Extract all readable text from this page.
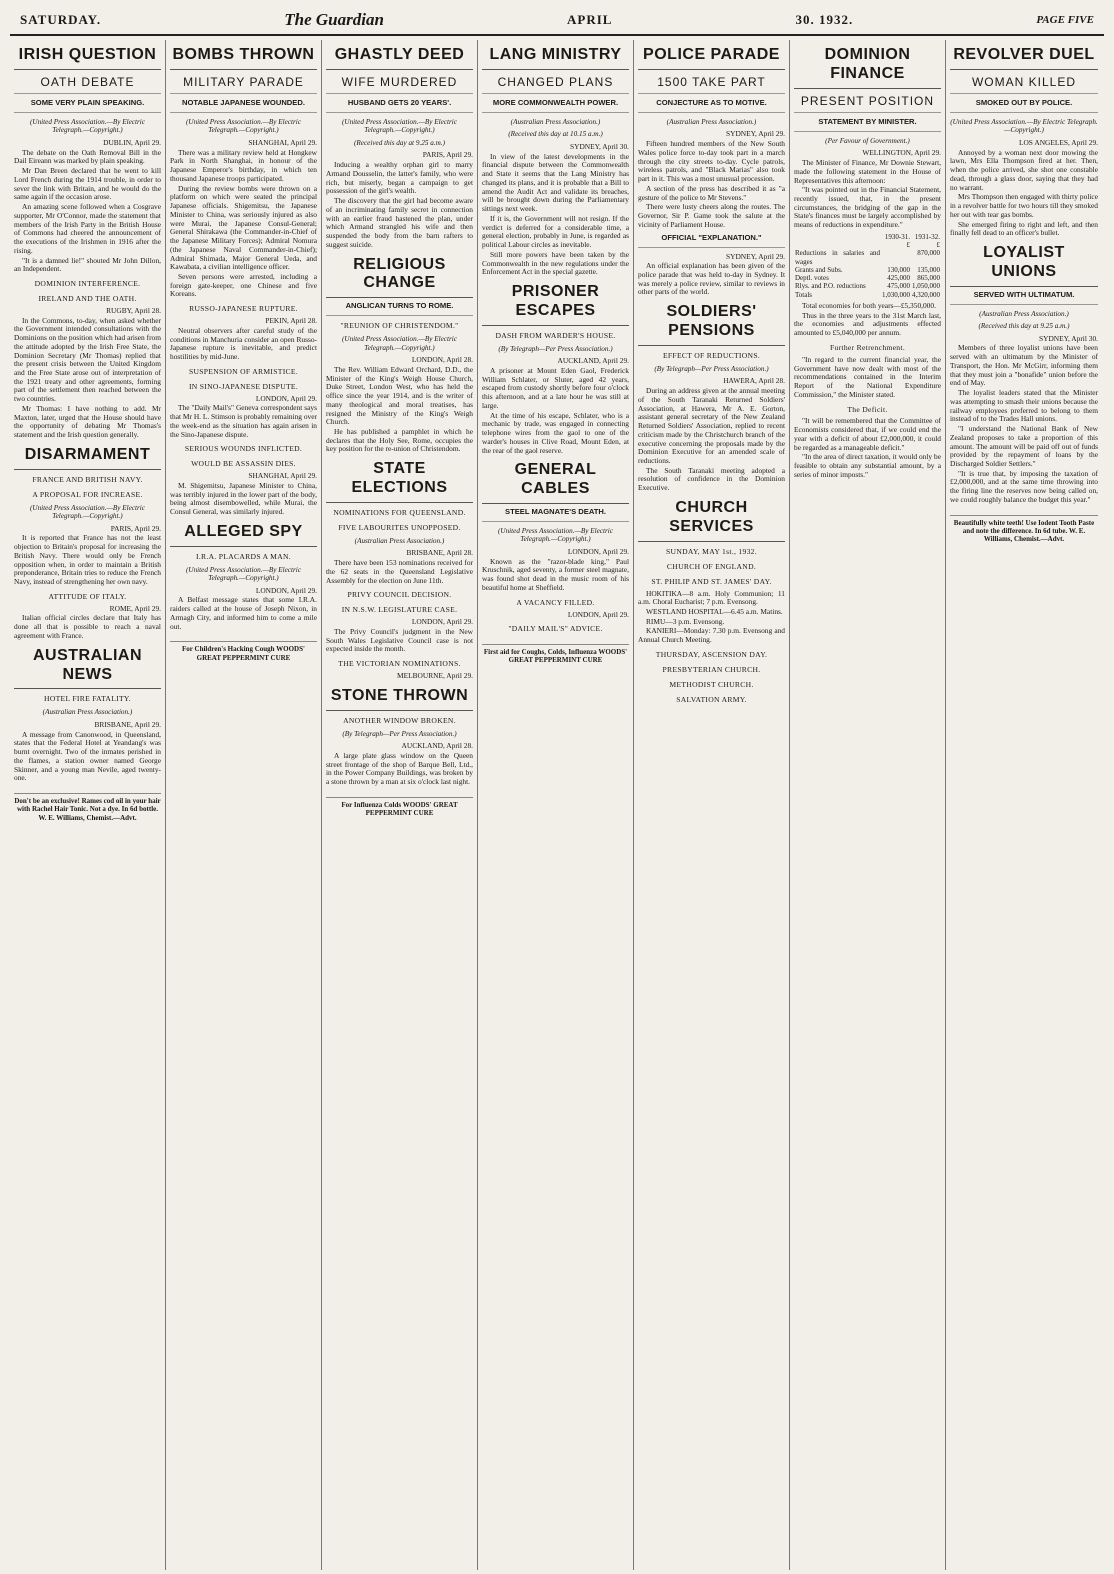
SATURDAY.	The Guardian	APRIL	30. 1932.	PAGE FIVE
IRISH QUESTION
OATH DEBATE
SOME VERY PLAIN SPEAKING.
(United Press Association.—By Electric Telegraph.—Copyright.)
DUBLIN, April 29.

The debate on the Oath Removal Bill in the Dail Eireann was marked by plain speaking.

Mr Dan Breen declared that he went to kill Lord French during the 1914 trouble, in order to sever the link with Britain, and he would do the same again if the occasion arose.

An amazing scene followed when a Cosgrave supporter, Mr O'Connor, made the statement that members of the Irish Party in the British House of Commons had cheered the announcement of the executions of the Irishmen in 1916 after the rising.

"It is a damned lie!" shouted Mr John Dillon, an Independent.

DOMINION INTERFERENCE.
IRELAND AND THE OATH.
RUGBY, April 28.

In the Commons, to-day, when asked whether the Government intended consultations with the Dominions on the position which had arisen from the attitude adopted by the Irish Free State, the Dominion Secretary (Mr Thomas) replied that the present crisis between the United Kingdom and the Free State arose out of interpretation of the 1921 treaty and other agreements, forming part of the settlement then reached between the two countries.

Mr Thomas: I have nothing to add. Mr Maxton, later, urged that the House should have the opportunity of debating Mr Thomas's statement and the Irish question generally.

DISARMAMENT
FRANCE AND BRITISH NAVY.
A PROPOSAL FOR INCREASE.
(United Press Association.—By Electric Telegraph.—Copyright.)
PARIS, April 29.

It is reported that France has not the least objection to Britain's proposal for increasing the British Navy. There would only be French opposition when, in order to maintain a British preponderance, Britain tries to reduce the French Navy, instead of strengthening her own navy.

ATTITUDE OF ITALY.
ROME, April 29.

Italian official circles declare that Italy has done all that is possible to reach a naval agreement with France.

AUSTRALIAN NEWS
HOTEL FIRE FATALITY.
(Australian Press Association.)
BRISBANE, April 29.

A message from Canonwood, in Queensland, states that the Federal Hotel at Yeandang's was burnt overnight. Two of the inmates perished in the flames, a station owner named George Skinner, and a young man Nevile, aged twenty-one.

Don't be an exclusive! Rames cod oil in your hair with Rachel Hair Tonic. Not a dye. In 6d bottle. W. E. Williams, Chemist.—Advt.
BOMBS THROWN
MILITARY PARADE
NOTABLE JAPANESE WOUNDED.
(United Press Association.—By Electric Telegraph.—Copyright.)
SHANGHAI, April 29.

There was a military review held at Hongkew Park in North Shanghai, in honour of the Japanese Emperor's birthday, in which ten thousand Japanese troops participated.

During the review bombs were thrown on a platform on which were seated the principal Japanese officials. Shigemitsu, the Japanese Minister to China, was seriously injured as also were Murai, the Japanese Consul-General; General Shirakawa (the Commander-in-Chief of the Japanese Military Forces); Admiral Nomura (the Japanese Naval Commander-in-Chief); Admiral Shimada, Major General Ueda, and Kawabata, a civilian intelligence officer.

Seven persons were arrested, including a foreign gate-keeper, one Chinese and five Koreans.

RUSSO-JAPANESE RUPTURE.
PEKIN, April 28.

Neutral observers after careful study of the conditions in Manchuria consider an open Russo-Japanese rupture is inevitable, and predict hostilities by mid-June.

SUSPENSION OF ARMISTICE.
IN SINO-JAPANESE DISPUTE.
LONDON, April 29.

The "Daily Mail's" Geneva correspondent says that Mr H. L. Stimson is probably remaining over the week-end as the situation has again arisen in the Sino-Japanese dispute.

SERIOUS WOUNDS INFLICTED.
WOULD BE ASSASSIN DIES.
SHANGHAI, April 29.

M. Shigemitsu, Japanese Minister to China, was terribly injured in the lower part of the body, being almost disembowelled, while Murai, the Consul General, was similarly injured.

ALLEGED SPY
I.R.A. PLACARDS A MAN.
(United Press Association.—By Electric Telegraph.—Copyright.)
LONDON, April 29.

A Belfast message states that some I.R.A. raiders called at the house of Joseph Nixon, in Armagh City, and informed him to come a mile out.

For Children's Hacking Cough WOODS' GREAT PEPPERMINT CURE
GHASTLY DEED
WIFE MURDERED
HUSBAND GETS 20 YEARS'.
(United Press Association.—By Electric Telegraph.—Copyright.)
(Received this day at 9.25 a.m.)
PARIS, April 29.

Inducing a wealthy orphan girl to marry Armand Dousselin, the latter's family, who were rich, but miserly, began a campaign to get possession of the girl's wealth.

The discovery that the girl had become aware of an incriminating family secret in connection with an earlier fraud hastened the plan, under which Armand strangled his wife and then suspended the body from the barn rafters to suggest suicide.

RELIGIOUS CHANGE
ANGLICAN TURNS TO ROME.
"REUNION OF CHRISTENDOM."
(United Press Association.—By Electric Telegraph.—Copyright.)
LONDON, April 28.

The Rev. William Edward Orchard, D.D., the Minister of the King's Weigh House Church, Duke Street, London West, who has held the office since the year 1914, and is the writer of many theological and moral treatises, has resigned the Ministry of the King's Weigh Church.

He has published a pamphlet in which he declares that the Holy See, Rome, occupies the key position for the re-union of Christendom.

STATE ELECTIONS
NOMINATIONS FOR QUEENSLAND.
FIVE LABOURITES UNOPPOSED.
(Australian Press Association.)
BRISBANE, April 28.

There have been 153 nominations received for the 62 seats in the Queensland Legislative Assembly for the election on June 11th.

PRIVY COUNCIL DECISION.
IN N.S.W. LEGISLATURE CASE.
LONDON, April 29.

The Privy Council's judgment in the New South Wales Legislative Council case is not expected inside the month.

THE VICTORIAN NOMINATIONS.
MELBOURNE, April 29.
STONE THROWN
ANOTHER WINDOW BROKEN.
(By Telegraph—Per Press Association.)
AUCKLAND, April 28.

A large plate glass window on the Queen street frontage of the shop of Barque Bell, Ltd., in the Power Company Buildings, was broken by a stone thrown by a man at six o'clock last night.

For Influenza Colds WOODS' GREAT PEPPERMINT CURE
LANG MINISTRY
CHANGED PLANS
MORE COMMONWEALTH POWER.
(Australian Press Association.)
(Received this day at 10.15 a.m.)
SYDNEY, April 30.

In view of the latest developments in the financial dispute between the Commonwealth and State it seems that the Lang Ministry has changed its plans, and it is probable that a Bill to amend the Audit Act and validate its breaches, will be brought down during the Parliamentary sittings next week.

If it is, the Government will not resign. If the verdict is deferred for a considerable time, a general election, probably in June, is regarded as political Labour circles as inevitable.

Still more powers have been taken by the Commonwealth in the new regulations under the Enforcement Act in the special gazette.

PRISONER ESCAPES
DASH FROM WARDER'S HOUSE.
(By Telegraph—Per Press Association.)
AUCKLAND, April 29.

A prisoner at Mount Eden Gaol, Frederick William Schlater, or Sluter, aged 42 years, escaped from custody shortly before four o'clock this afternoon, and at a late hour he was still at large.

At the time of his escape, Schlater, who is a mechanic by trade, was engaged in connecting telephone wires from the gaol to one of the warder's houses in Clive Road, Mount Eden, at the rear of the gaol reserve.

GENERAL CABLES
STEEL MAGNATE'S DEATH.
(United Press Association.—By Electric Telegraph.—Copyright.)
LONDON, April 29.

Known as the "razor-blade king," Paul Kruschnik, aged seventy, a former steel magnate, was found shot dead in the music room of his beautiful home at Sheffield.

A VACANCY FILLED.
LONDON, April 29.
"DAILY MAIL'S" ADVICE.
First aid for Coughs, Colds, Influenza WOODS' GREAT PEPPERMINT CURE
POLICE PARADE
1500 TAKE PART
CONJECTURE AS TO MOTIVE.
(Australian Press Association.)
SYDNEY, April 29.

Fifteen hundred members of the New South Wales police force to-day took part in a march through the city streets to-day. Cycle patrols, wireless patrols, and "Black Marias" also took part in it. This was a most unusual procession.

A section of the press has described it as "a gesture of the police to Mr Stevens."

There were lusty cheers along the routes. The Governor, Sir P. Game took the salute at the vicinity of Parliament House.

OFFICIAL "EXPLANATION."
SYDNEY, April 29.

An official explanation has been given of the police parade that was held to-day in Sydney. It was merely a police review, similar to reviews in other parts of the world.

SOLDIERS' PENSIONS
EFFECT OF REDUCTIONS.
(By Telegraph—Per Press Association.)
HAWERA, April 28.

During an address given at the annual meeting of the South Taranaki Returned Soldiers' Association, at Hawera, Mr A. E. Gorton, assistant general secretary of the New Zealand Returned Soldiers' Association, replied to recent criticism made by the Christchurch branch of the executive concerning the proposals made by the Dominion Executive for an amended scale of reductions.

The South Taranaki meeting adopted a resolution of confidence in the Dominion Executive.

CHURCH SERVICES
SUNDAY, MAY 1st., 1932.
CHURCH OF ENGLAND.
ST. PHILIP AND ST. JAMES' DAY.

HOKITIKA—8 a.m. Holy Communion; 11 a.m. Choral Eucharist; 7 p.m. Evensong.

WESTLAND HOSPITAL—6.45 a.m. Matins.

RIMU—3 p.m. Evensong.

KANIERI—Monday: 7.30 p.m. Evensong and Annual Church Meeting.

THURSDAY, ASCENSION DAY.
PRESBYTERIAN CHURCH.
METHODIST CHURCH.
SALVATION ARMY.
DOMINION FINANCE
PRESENT POSITION
STATEMENT BY MINISTER.
(Per Favour of Government.)
WELLINGTON, April 29.

The Minister of Finance, Mr Downie Stewart, made the following statement in the House of Representatives this afternoon:

"It was pointed out in the Financial Statement, recently issued, that, in the present circumstances, the bridging of the gap in the State's finances must be largely accomplished by means of reductions in expenditure."

	1930-31.	1931-32.
	£	£
Reductions in salaries and wages		870,000
Grants and Subs.	130,000	135,000
Deptl. votes	425,000	865,000
Rlys. and P.O. reductions	475,000	1,050,000
Totals	1,030,000	4,320,000

Total economies for both years—£5,350,000.

Thus in the three years to the 31st March last, the economies and adjustments effected amounted to £5,040,000 per annum.

Further Retrenchment.

"In regard to the current financial year, the Government have now dealt with most of the recommendations contained in the Interim Report of the National Expenditure Commission," the Minister stated.

The Deficit.

"It will be remembered that the Committee of Economists considered that, if we could end the year with a deficit of about £2,000,000, it could be regarded as a manageable deficit."

"In the area of direct taxation, it would only be feasible to obtain any substantial amount, by a series of minor imposts."

REVOLVER DUEL
WOMAN KILLED
SMOKED OUT BY POLICE.
(United Press Association.—By Electric Telegraph.—Copyright.)
LOS ANGELES, April 29.

Annoyed by a woman next door mowing the lawn, Mrs Ella Thompson fired at her. Then, when the police arrived, she shot one constable dead, through a glass door, saying that they had no warrant.

Mrs Thompson then engaged with thirty police in a revolver battle for two hours till they smoked her out with tear gas bombs.

She emerged firing to right and left, and then finally fell dead to an officer's bullet.

LOYALIST UNIONS
SERVED WITH ULTIMATUM.
(Australian Press Association.)
(Received this day at 9.25 a.m.)
SYDNEY, April 30.

Members of three loyalist unions have been served with an ultimatum by the Minister of Transport, the Hon. Mr McGirr, informing them that they must join a "bonafide" union before the end of May.

The loyalist leaders stated that the Minister was attempting to smash their unions because the railway employees preferred to belong to them instead of to the Trades Hall unions.

"I understand the National Bank of New Zealand proposes to take a proportion of this amount. The amount will be paid off out of funds provided by the repayment of loans by the Discharged Soldier Settlers."

"It is true that, by imposing the taxation of £2,000,000, and at the same time throwing into the firing line the reserves now being called on, we could roughly balance the budget this year."

Beautifully white teeth! Use Iodent Tooth Paste and note the difference. In 6d tube. W. E. Williams, Chemist.—Advt.
